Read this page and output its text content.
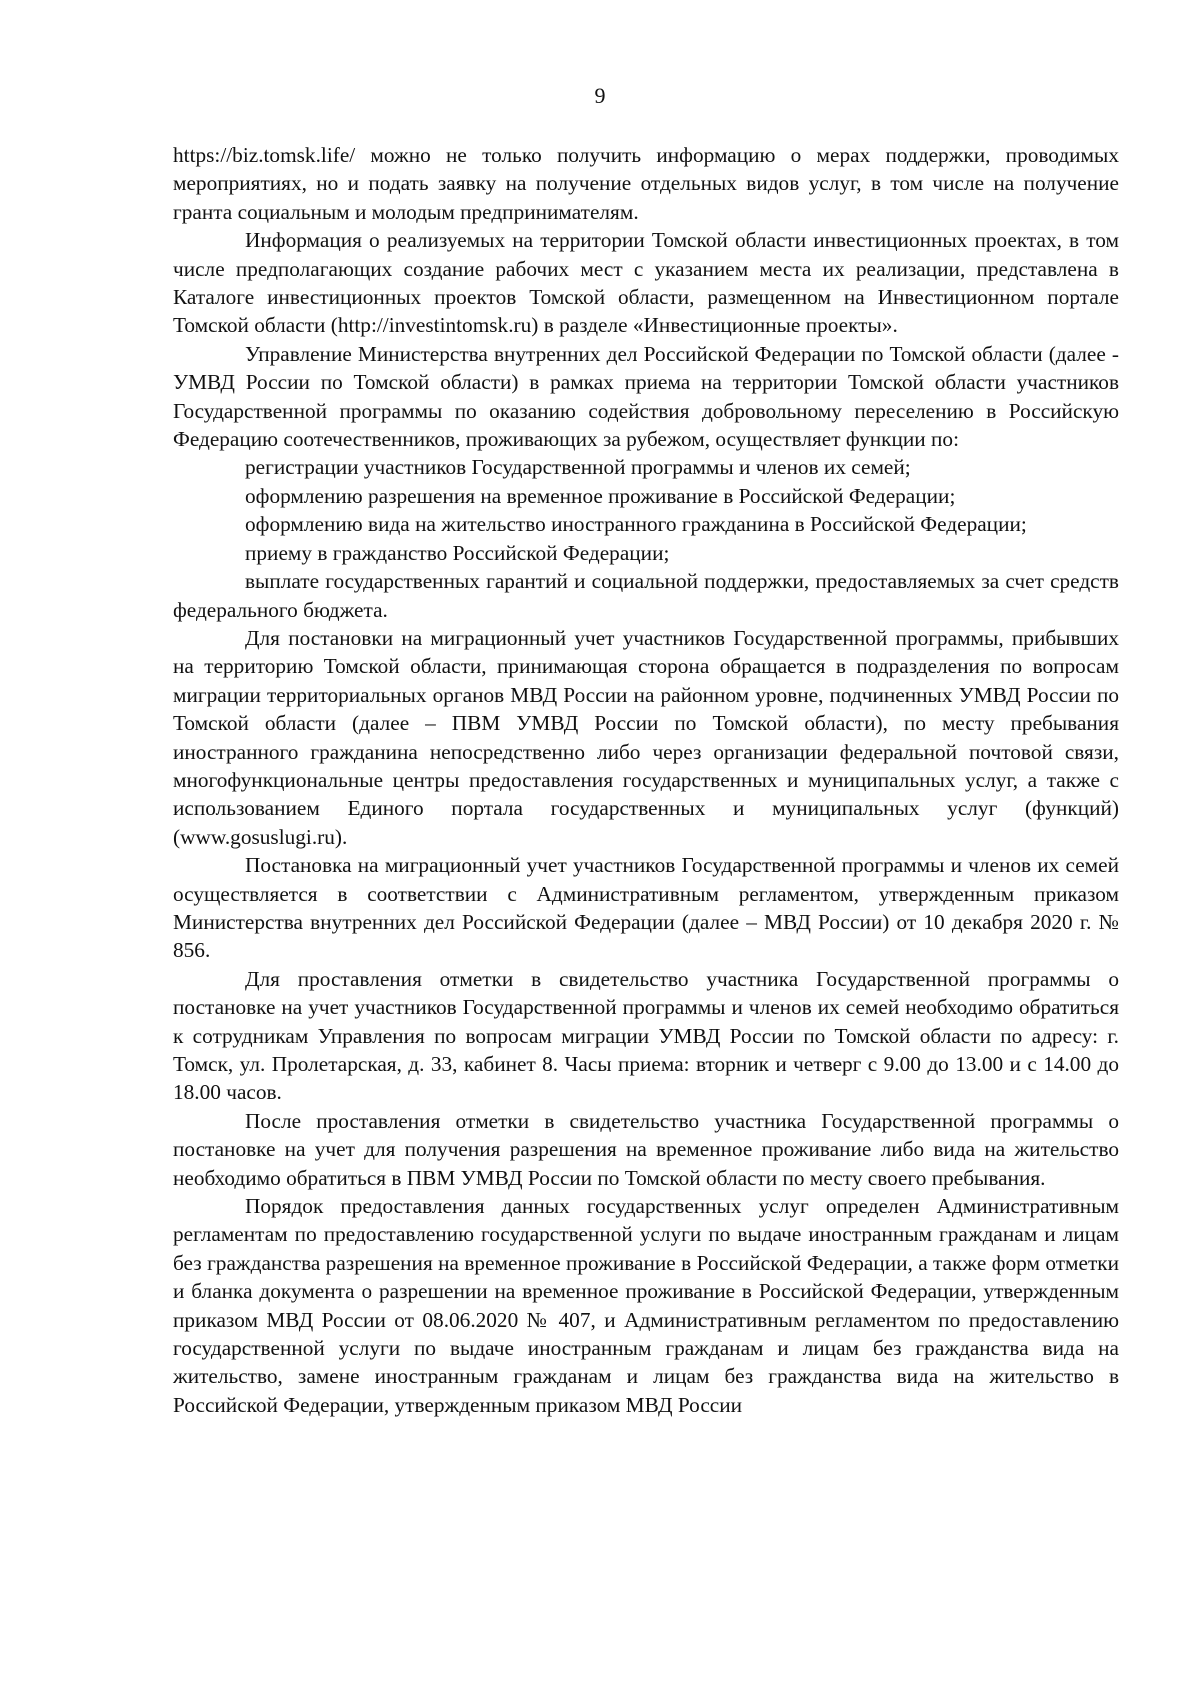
9

https://biz.tomsk.life/ можно не только получить информацию о мерах поддержки, проводимых мероприятиях, но и подать заявку на получение отдельных видов услуг, в том числе на получение гранта социальным и молодым предпринимателям.

Информация о реализуемых на территории Томской области инвестиционных проектах, в том числе предполагающих создание рабочих мест с указанием места их реализации, представлена в Каталоге инвестиционных проектов Томской области, размещенном на Инвестиционном портале Томской области (http://investintomsk.ru) в разделе «Инвестиционные проекты».

Управление Министерства внутренних дел Российской Федерации по Томской области (далее - УМВД России по Томской области) в рамках приема на территории Томской области участников Государственной программы по оказанию содействия добровольному переселению в Российскую Федерацию соотечественников, проживающих за рубежом, осуществляет функции по:

регистрации участников Государственной программы и членов их семей;

оформлению разрешения на временное проживание в Российской Федерации;

оформлению вида на жительство иностранного гражданина в Российской Федерации;

приему в гражданство Российской Федерации;

выплате государственных гарантий и социальной поддержки, предоставляемых за счет средств федерального бюджета.

Для постановки на миграционный учет участников Государственной программы, прибывших на территорию Томской области, принимающая сторона обращается в подразделения по вопросам миграции территориальных органов МВД России на районном уровне, подчиненных УМВД России по Томской области (далее – ПВМ УМВД России по Томской области), по месту пребывания иностранного гражданина непосредственно либо через организации федеральной почтовой связи, многофункциональные центры предоставления государственных и муниципальных услуг, а также с использованием Единого портала государственных и муниципальных услуг (функций) (www.gosuslugi.ru).

Постановка на миграционный учет участников Государственной программы и членов их семей осуществляется в соответствии с Административным регламентом, утвержденным приказом Министерства внутренних дел Российской Федерации (далее – МВД России) от 10 декабря 2020 г. № 856.

Для проставления отметки в свидетельство участника Государственной программы о постановке на учет участников Государственной программы и членов их семей необходимо обратиться к сотрудникам Управления по вопросам миграции УМВД России по Томской области по адресу: г. Томск, ул. Пролетарская, д. 33, кабинет 8. Часы приема: вторник и четверг с 9.00 до 13.00 и с 14.00 до 18.00 часов.

После проставления отметки в свидетельство участника Государственной программы о постановке на учет для получения разрешения на временное проживание либо вида на жительство необходимо обратиться в ПВМ УМВД России по Томской области по месту своего пребывания.

Порядок предоставления данных государственных услуг определен Административным регламентам по предоставлению государственной услуги по выдаче иностранным гражданам и лицам без гражданства разрешения на временное проживание в Российской Федерации, а также форм отметки и бланка документа о разрешении на временное проживание в Российской Федерации, утвержденным приказом МВД России от 08.06.2020 № 407, и Административным регламентом по предоставлению государственной услуги по выдаче иностранным гражданам и лицам без гражданства вида на жительство, замене иностранным гражданам и лицам без гражданства вида на жительство в Российской Федерации, утвержденным приказом МВД России
